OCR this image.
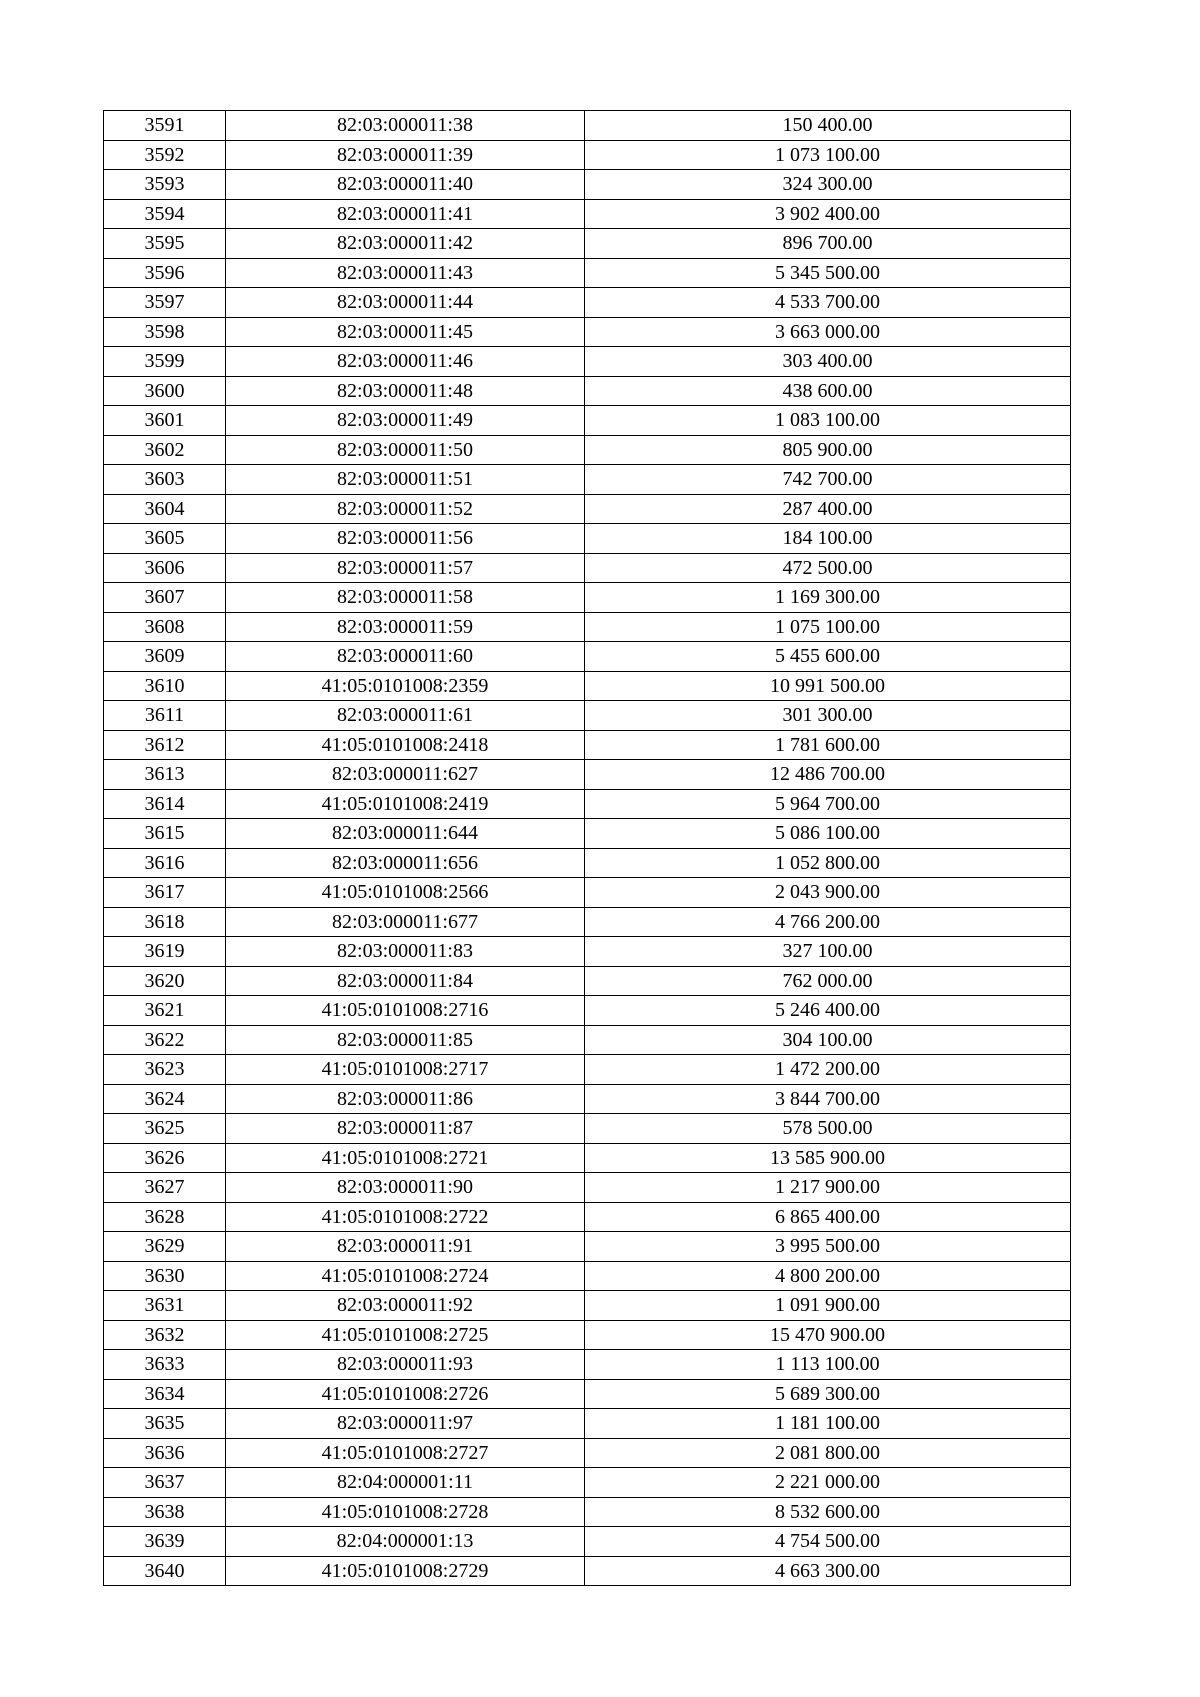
3591	82:03:000011:38	150 400.00
3592	82:03:000011:39	1 073 100.00
3593	82:03:000011:40	324 300.00
3594	82:03:000011:41	3 902 400.00
3595	82:03:000011:42	896 700.00
3596	82:03:000011:43	5 345 500.00
3597	82:03:000011:44	4 533 700.00
3598	82:03:000011:45	3 663 000.00
3599	82:03:000011:46	303 400.00
3600	82:03:000011:48	438 600.00
3601	82:03:000011:49	1 083 100.00
3602	82:03:000011:50	805 900.00
3603	82:03:000011:51	742 700.00
3604	82:03:000011:52	287 400.00
3605	82:03:000011:56	184 100.00
3606	82:03:000011:57	472 500.00
3607	82:03:000011:58	1 169 300.00
3608	82:03:000011:59	1 075 100.00
3609	82:03:000011:60	5 455 600.00
3610	41:05:0101008:2359	10 991 500.00
3611	82:03:000011:61	301 300.00
3612	41:05:0101008:2418	1 781 600.00
3613	82:03:000011:627	12 486 700.00
3614	41:05:0101008:2419	5 964 700.00
3615	82:03:000011:644	5 086 100.00
3616	82:03:000011:656	1 052 800.00
3617	41:05:0101008:2566	2 043 900.00
3618	82:03:000011:677	4 766 200.00
3619	82:03:000011:83	327 100.00
3620	82:03:000011:84	762 000.00
3621	41:05:0101008:2716	5 246 400.00
3622	82:03:000011:85	304 100.00
3623	41:05:0101008:2717	1 472 200.00
3624	82:03:000011:86	3 844 700.00
3625	82:03:000011:87	578 500.00
3626	41:05:0101008:2721	13 585 900.00
3627	82:03:000011:90	1 217 900.00
3628	41:05:0101008:2722	6 865 400.00
3629	82:03:000011:91	3 995 500.00
3630	41:05:0101008:2724	4 800 200.00
3631	82:03:000011:92	1 091 900.00
3632	41:05:0101008:2725	15 470 900.00
3633	82:03:000011:93	1 113 100.00
3634	41:05:0101008:2726	5 689 300.00
3635	82:03:000011:97	1 181 100.00
3636	41:05:0101008:2727	2 081 800.00
3637	82:04:000001:11	2 221 000.00
3638	41:05:0101008:2728	8 532 600.00
3639	82:04:000001:13	4 754 500.00
3640	41:05:0101008:2729	4 663 300.00
